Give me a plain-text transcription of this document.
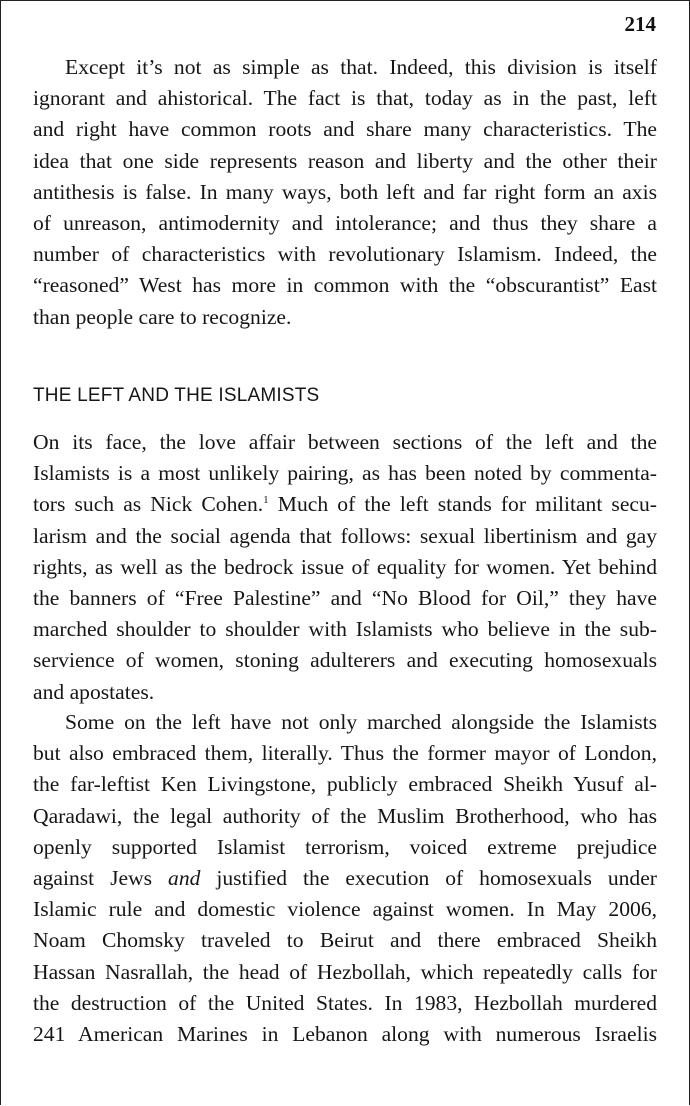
214
Except it’s not as simple as that. Indeed, this division is itself
ignorant and ahistorical. The fact is that, today as in the past, left
and right have common roots and share many characteristics. The
idea that one side represents reason and liberty and the other their
antithesis is false. In many ways, both left and far right form an axis
of unreason, antimodernity and intolerance; and thus they share a
number of characteristics with revolutionary Islamism. Indeed, the
“reasoned” West has more in common with the “obscurantist” East
than people care to recognize.
THE LEFT AND THE ISLAMISTS
On its face, the love affair between sections of the left and the
Islamists is a most unlikely pairing, as has been noted by commenta-
tors such as Nick Cohen.$^1$ Much of the left stands for militant secu-
larism and the social agenda that follows: sexual libertinism and gay
rights, as well as the bedrock issue of equality for women. Yet behind
the banners of “Free Palestine” and “No Blood for Oil,” they have
marched shoulder to shoulder with Islamists who believe in the sub-
servience of women, stoning adulterers and executing homosexuals
and apostates.
Some on the left have not only marched alongside the Islamists
but also embraced them, literally. Thus the former mayor of London,
the far-leftist Ken Livingstone, publicly embraced Sheikh Yusuf al-
Qaradawi, the legal authority of the Muslim Brotherhood, who has
openly supported Islamist terrorism, voiced extreme prejudice
against Jews and justified the execution of homosexuals under
Islamic rule and domestic violence against women. In May 2006,
Noam Chomsky traveled to Beirut and there embraced Sheikh
Hassan Nasrallah, the head of Hezbollah, which repeatedly calls for
the destruction of the United States. In 1983, Hezbollah murdered
241 American Marines in Lebanon along with numerous Israelis
